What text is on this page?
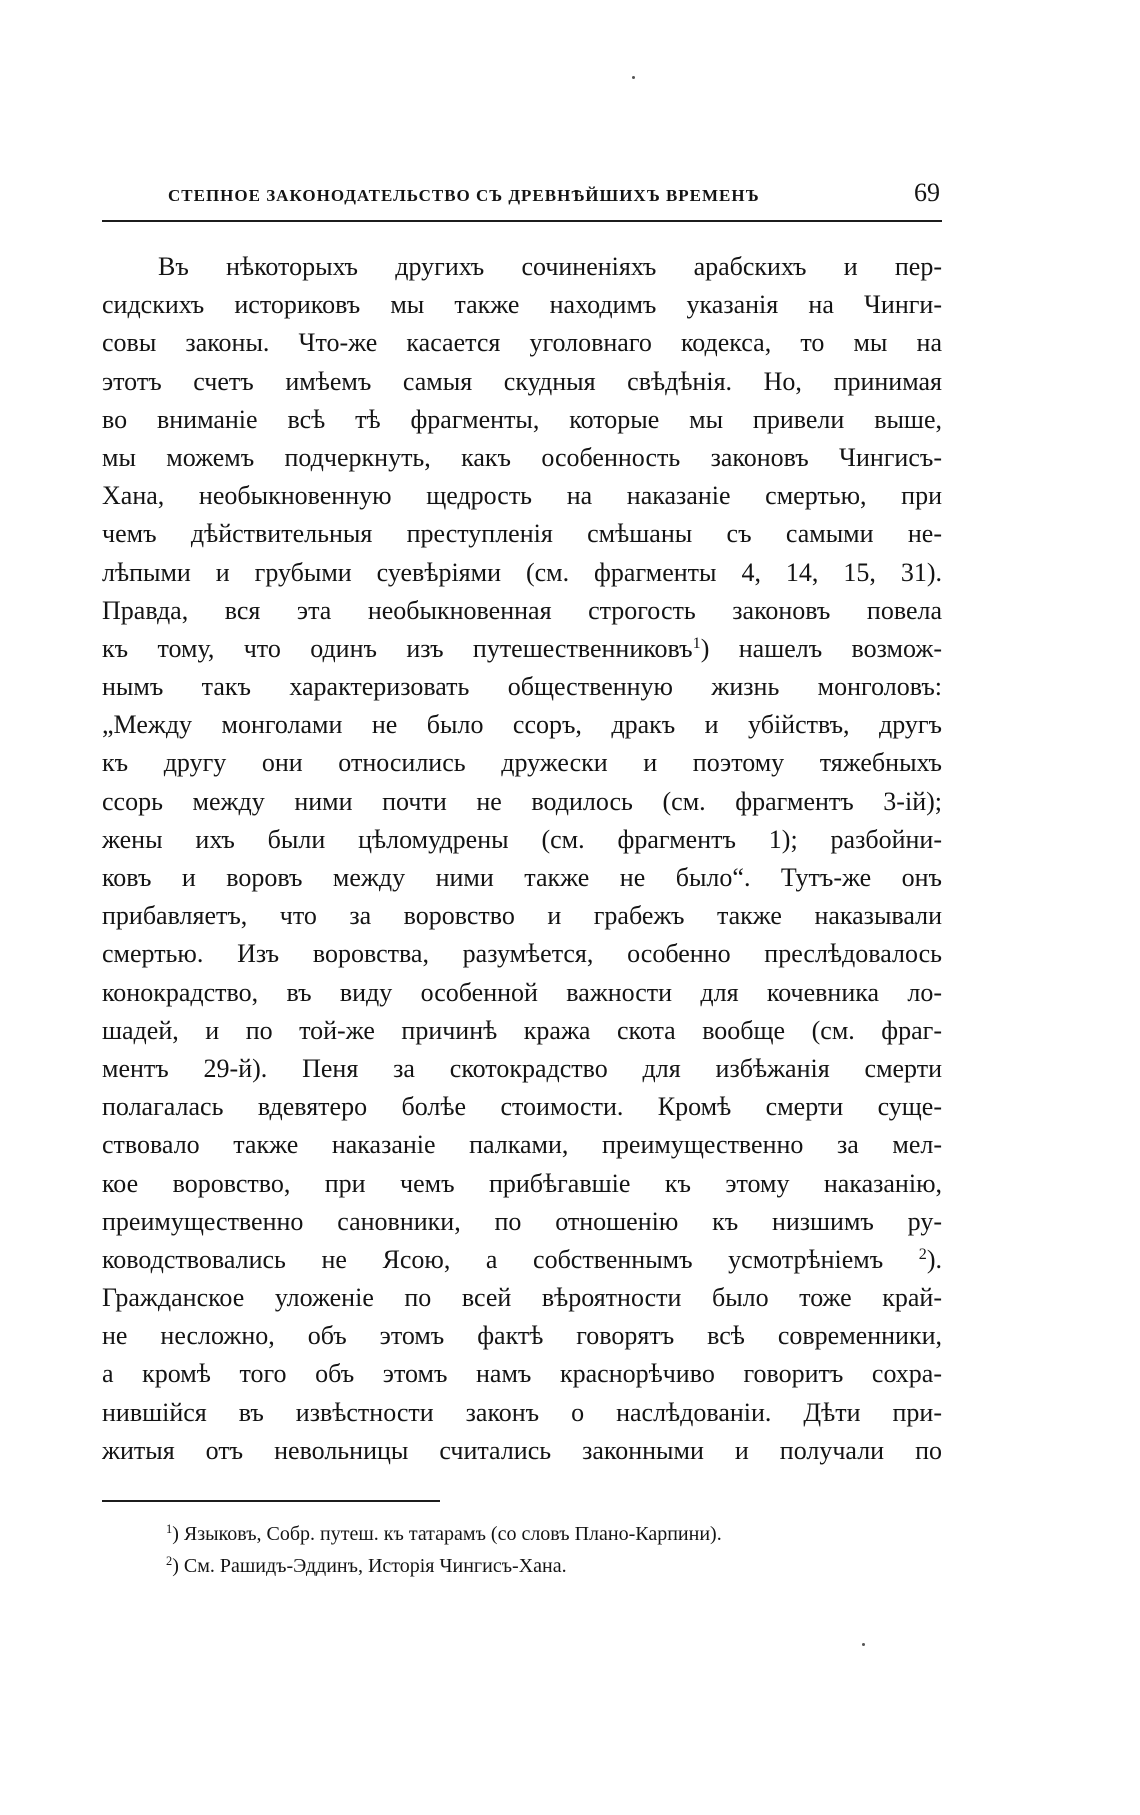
СТЕПНОЕ ЗАКОНОДАТЕЛЬСТВО СЪ ДРЕВНѢЙШИХЪ ВРЕМЕНЪ	69
Въ нѣкоторыхъ другихъ сочиненіяхъ арабскихъ и пер-
сидскихъ историковъ мы также находимъ указанія на Чинги-
совы законы. Что-же касается уголовнаго кодекса, то мы на
этотъ счетъ имѣемъ самыя скудныя свѣдѣнія. Но, принимая
во вниманіе всѣ тѣ фрагменты, которые мы привели выше,
мы можемъ подчеркнуть, какъ особенность законовъ Чингисъ-
Хана, необыкновенную щедрость на наказаніе смертью, при
чемъ дѣйствительныя преступленія смѣшаны съ самыми не-
лѣпыми и грубыми суевѣріями (см. фрагменты 4, 14, 15, 31).
Правда, вся эта необыкновенная строгость законовъ повела
къ тому, что одинъ изъ путешественниковъ$^1$) нашелъ возмож-
нымъ такъ характеризовать общественную жизнь монголовъ:
„Между монголами не было ссоръ, дракъ и убійствъ, другъ
къ другу они относились дружески и поэтому тяжебныхъ
ссорь между ними почти не водилось (см. фрагментъ 3-ій);
жены ихъ были цѣломудрены (см. фрагментъ 1); разбойни-
ковъ и воровъ между ними также не было“. Тутъ-же онъ
прибавляетъ, что за воровство и грабежъ также наказывали
смертью. Изъ воровства, разумѣется, особенно преслѣдовалось
конокрадство, въ виду особенной важности для кочевника ло-
шадей, и по той-же причинѣ кража скота вообще (см. фраг-
ментъ 29-й). Пеня за скотокрадство для избѣжанія смерти
полагалась вдевятеро болѣе стоимости. Кромѣ смерти суще-
ствовало также наказаніе палками, преимущественно за мел-
кое воровство, при чемъ прибѣгавшіе къ этому наказанію,
преимущественно сановники, по отношенію къ низшимъ ру-
ководствовались не Ясою, а собственнымъ усмотрѣніемъ $^2$).
Гражданское уложеніе по всей вѣроятности было тоже край-
не несложно, объ этомъ фактѣ говорятъ всѣ современники,
а кромѣ того объ этомъ намъ краснорѣчиво говоритъ сохра-
нившійся въ извѣстности законъ о наслѣдованіи. Дѣти при-
житыя отъ невольницы считались законными и получали по
$^1$) Языковъ, Собр. путеш. къ татарамъ (со словъ Плано-Карпини).
$^2$) См. Рашидъ-Эддинъ, Исторія Чингисъ-Хана.
